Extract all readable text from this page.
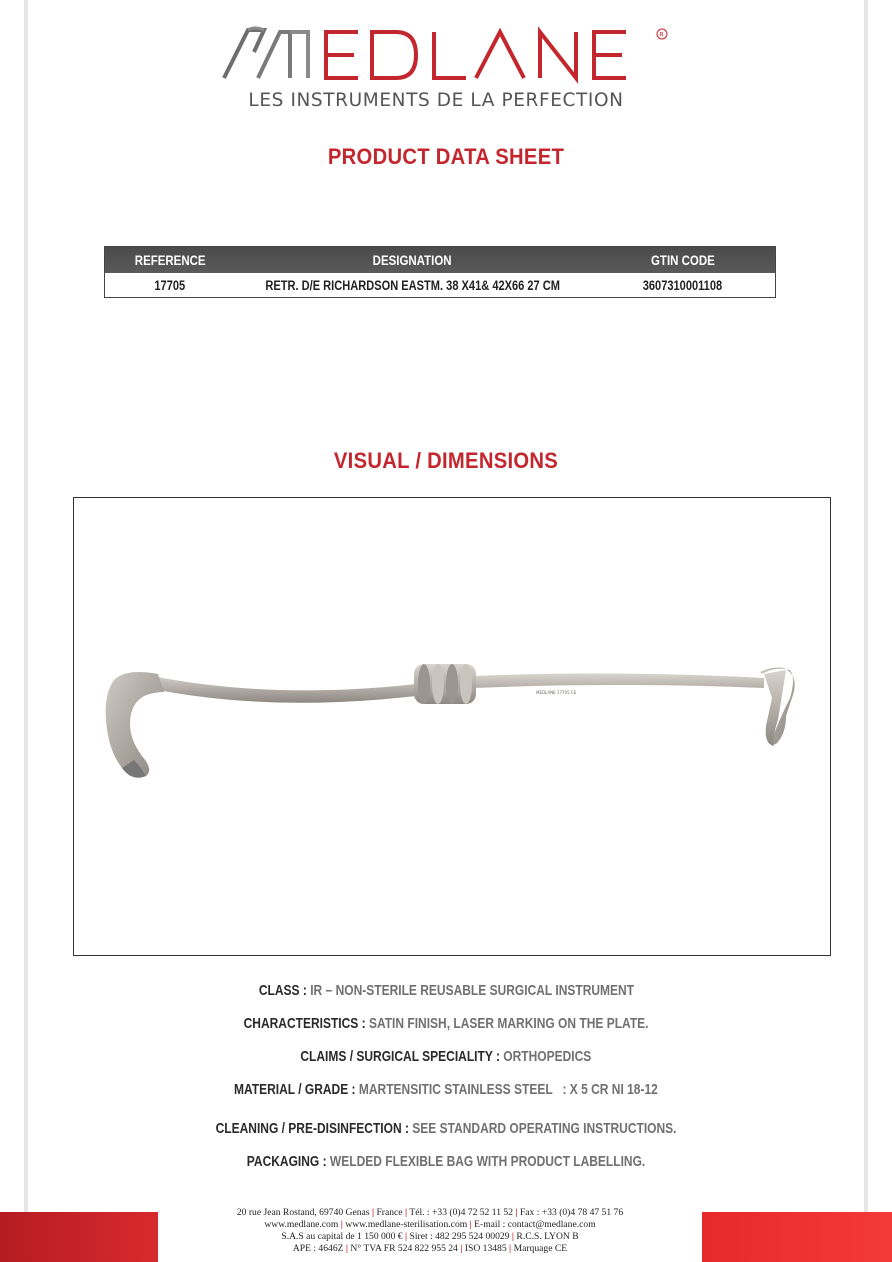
R
LES INSTRUMENTS DE LA PERFECTION
PRODUCT DATA SHEET
REFERENCE	DESIGNATION	GTIN CODE
17705	RETR. D/E RICHARDSON EASTM. 38 X41& 42X66 27 CM	3607310001108
VISUAL / DIMENSIONS
MEDLANE 17705 CE
CLASS : IR – NON-STERILE REUSABLE SURGICAL INSTRUMENT
CHARACTERISTICS : SATIN FINISH, LASER MARKING ON THE PLATE.
CLAIMS / SURGICAL SPECIALITY : ORTHOPEDICS
MATERIAL / GRADE : MARTENSITIC STAINLESS STEEL   : X 5 CR NI 18-12
CLEANING / PRE-DISINFECTION : SEE STANDARD OPERATING INSTRUCTIONS.
PACKAGING : WELDED FLEXIBLE BAG WITH PRODUCT LABELLING.
20 rue Jean Rostand, 69740 Genas | France | Tél. : +33 (0)4 72 52 11 52 | Fax : +33 (0)4 78 47 51 76
www.medlane.com | www.medlane-sterilisation.com | E-mail : contact@medlane.com
S.A.S au capital de 1 150 000 € | Siret : 482 295 524 00029 | R.C.S. LYON B
APE : 4646Z | N° TVA FR 524 822 955 24 | ISO 13485 | Marquage CE
